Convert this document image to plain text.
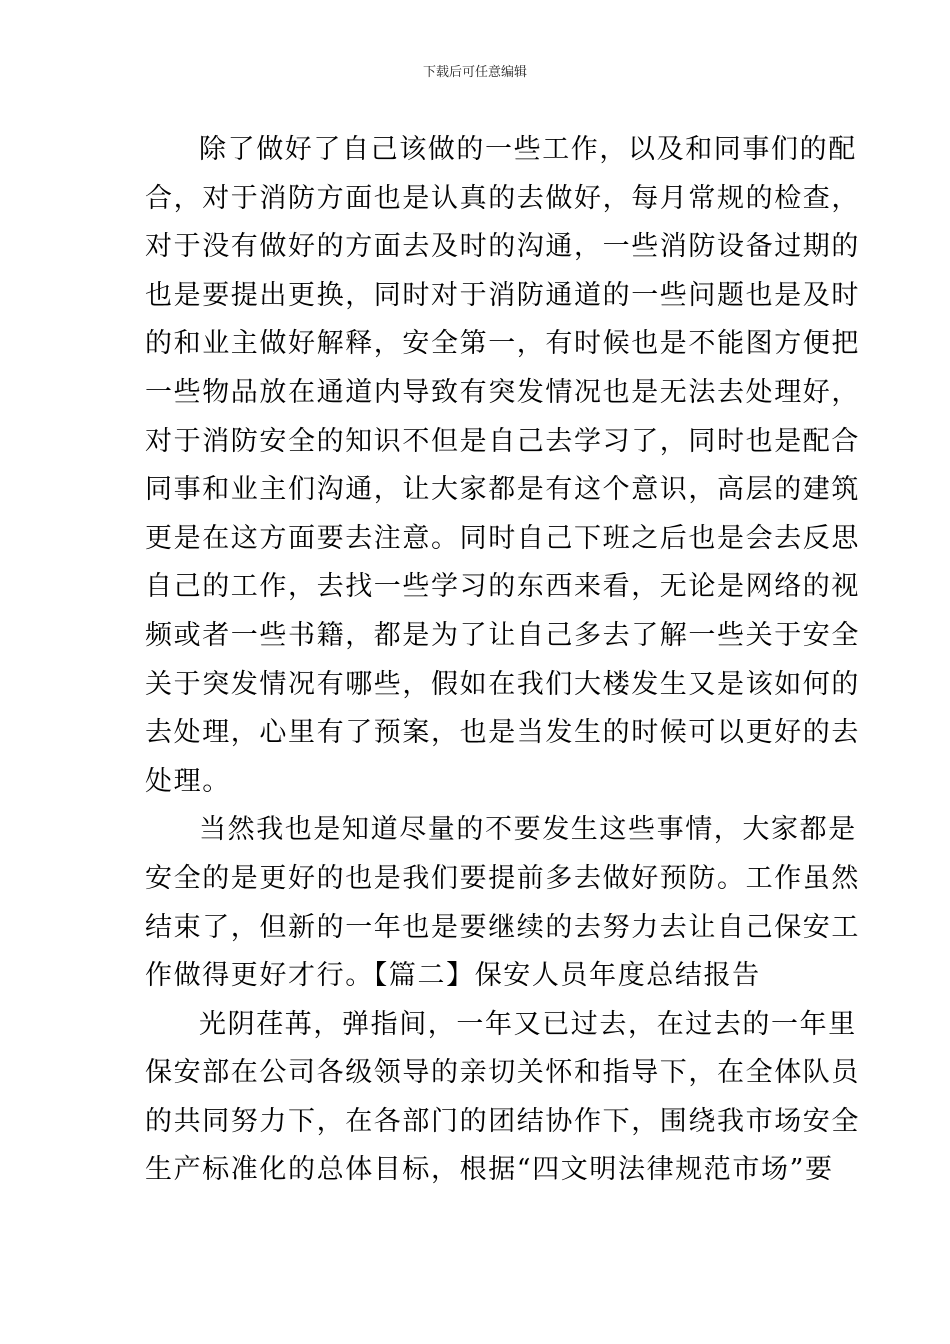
下载后可任意编辑
除了做好了自己该做的一些工作，以及和同事们的配
合，对于消防方面也是认真的去做好，每月常规的检查，
对于没有做好的方面去及时的沟通，一些消防设备过期的
也是要提出更换，同时对于消防通道的一些问题也是及时
的和业主做好解释，安全第一，有时候也是不能图方便把
一些物品放在通道内导致有突发情况也是无法去处理好，
对于消防安全的知识不但是自己去学习了，同时也是配合
同事和业主们沟通，让大家都是有这个意识，高层的建筑
更是在这方面要去注意。同时自己下班之后也是会去反思
自己的工作，去找一些学习的东西来看，无论是网络的视
频或者一些书籍，都是为了让自己多去了解一些关于安全
关于突发情况有哪些，假如在我们大楼发生又是该如何的
去处理，心里有了预案，也是当发生的时候可以更好的去
处理。
当然我也是知道尽量的不要发生这些事情，大家都是
安全的是更好的也是我们要提前多去做好预防。工作虽然
结束了，但新的一年也是要继续的去努力去让自己保安工
作做得更好才行。【篇二】保安人员年度总结报告
光阴荏苒，弹指间，一年又已过去，在过去的一年里
保安部在公司各级领导的亲切关怀和指导下，在全体队员
的共同努力下，在各部门的团结协作下，围绕我市场安全
生产标准化的总体目标，根据“四文明法律规范市场”要
